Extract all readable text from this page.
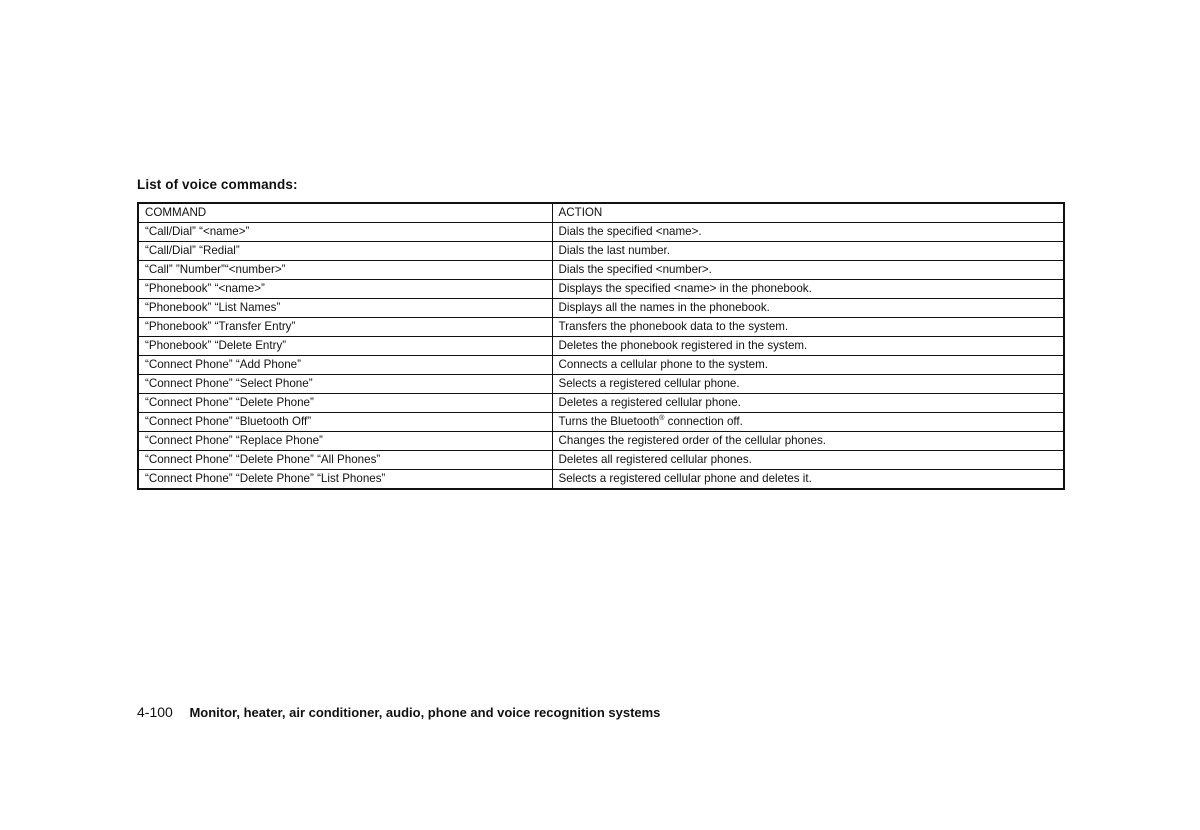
List of voice commands:
COMMAND	ACTION
“Call/Dial” “<name>”	Dials the specified <name>.
“Call/Dial” “Redial”	Dials the last number.
“Call” ”Number”“<number>”	Dials the specified <number>.
“Phonebook” “<name>”	Displays the specified <name> in the phonebook.
“Phonebook” “List Names”	Displays all the names in the phonebook.
“Phonebook” “Transfer Entry”	Transfers the phonebook data to the system.
“Phonebook” “Delete Entry”	Deletes the phonebook registered in the system.
“Connect Phone” “Add Phone”	Connects a cellular phone to the system.
“Connect Phone” “Select Phone”	Selects a registered cellular phone.
“Connect Phone” “Delete Phone”	Deletes a registered cellular phone.
“Connect Phone” “Bluetooth Off”	Turns the Bluetooth® connection off.
“Connect Phone” “Replace Phone”	Changes the registered order of the cellular phones.
“Connect Phone” “Delete Phone” “All Phones”	Deletes all registered cellular phones.
“Connect Phone” “Delete Phone” “List Phones”	Selects a registered cellular phone and deletes it.
4-100 Monitor, heater, air conditioner, audio, phone and voice recognition systems
